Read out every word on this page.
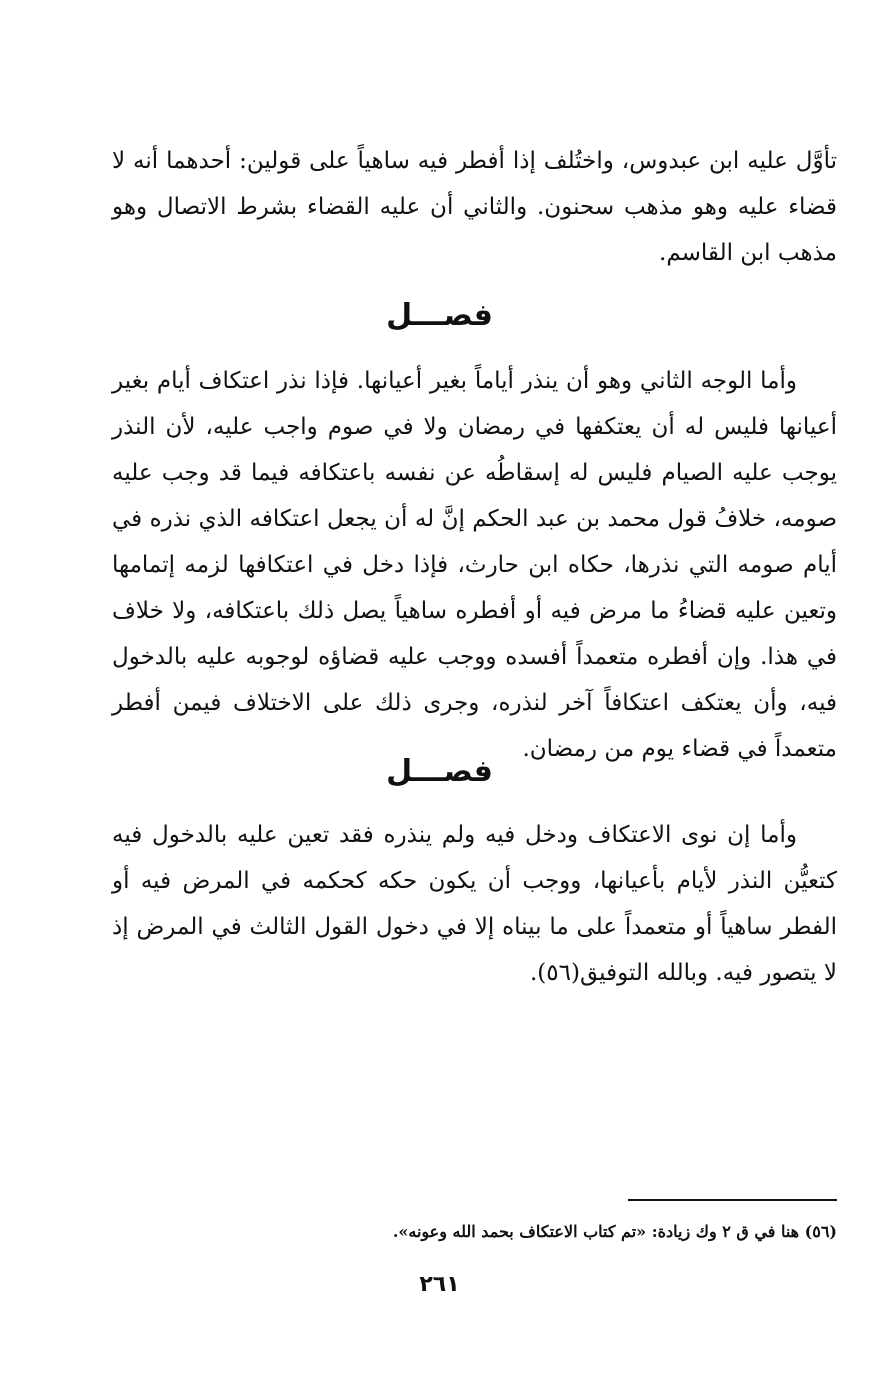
تأوَّل عليه ابن عبدوس، واختُلف إذا أفطر فيه ساهياً على قولين: أحدهما أنه لا قضاء عليه وهو مذهب سحنون. والثاني أن عليه القضاء بشرط الاتصال وهو مذهب ابن القاسم.

فصـــل

وأما الوجه الثاني وهو أن ينذر أياماً بغير أعيانها. فإذا نذر اعتكاف أيام بغير أعيانها فليس له أن يعتكفها في رمضان ولا في صوم واجب عليه، لأن النذر يوجب عليه الصيام فليس له إسقاطُه عن نفسه باعتكافه فيما قد وجب عليه صومه، خلافُ قول محمد بن عبد الحكم إنَّ له أن يجعل اعتكافه الذي نذره في أيام صومه التي نذرها، حكاه ابن حارث، فإذا دخل في اعتكافها لزمه إتمامها وتعين عليه قضاءُ ما مرض فيه أو أفطره ساهياً يصل ذلك باعتكافه، ولا خلاف في هذا. وإن أفطره متعمداً أفسده ووجب عليه قضاؤه لوجوبه عليه بالدخول فيه، وأن يعتكف اعتكافاً آخر لنذره، وجرى ذلك على الاختلاف فيمن أفطر متعمداً في قضاء يوم من رمضان.

فصـــل

وأما إن نوى الاعتكاف ودخل فيه ولم ينذره فقد تعين عليه بالدخول فيه كتعيُّن النذر لأيام بأعيانها، ووجب أن يكون حكه كحكمه في المرض فيه أو الفطر ساهياً أو متعمداً على ما بيناه إلا في دخول القول الثالث في المرض إذ لا يتصور فيه. وبالله التوفيق(٥٦).

(٥٦) هنا في ق ٢ وك زيادة: «تم كتاب الاعتكاف بحمد الله وعونه».

٢٦١
